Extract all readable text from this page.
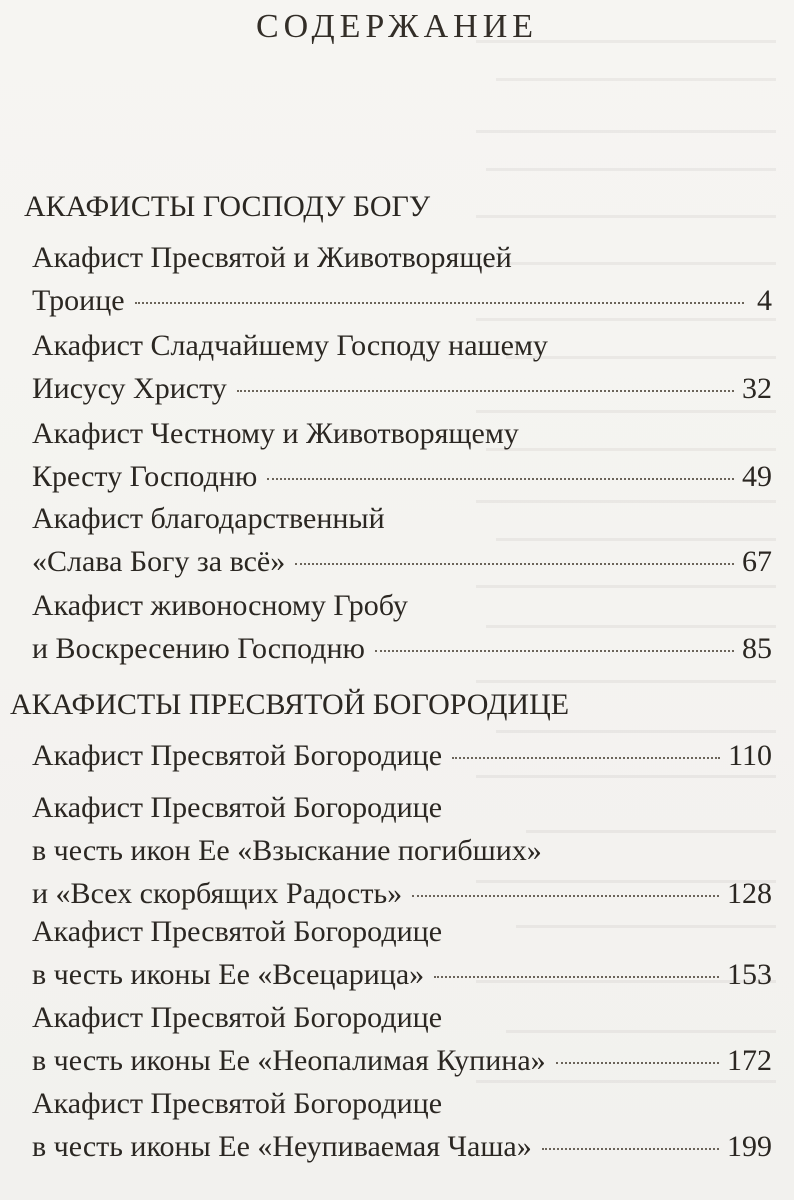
СОДЕРЖАНИЕ
АКАФИСТЫ ГОСПОДУ БОГУ
Акафист Пресвятой и Животворящей
Троице	4
Акафист Сладчайшему Господу нашему
Иисусу Христу	32
Акафист Честному и Животворящему
Кресту Господню	49
Акафист благодарственный
«Слава Богу за всё»	67
Акафист живоносному Гробу
и Воскресению Господню	85
АКАФИСТЫ ПРЕСВЯТОЙ БОГОРОДИЦЕ
Акафист Пресвятой Богородице	110
Акафист Пресвятой Богородице
в честь икон Ее «Взыскание погибших»
и «Всех скорбящих Радость»	128
Акафист Пресвятой Богородице
в честь иконы Ее «Всецарица»	153
Акафист Пресвятой Богородице
в честь иконы Ее «Неопалимая Купина»	172
Акафист Пресвятой Богородице
в честь иконы Ее «Неупиваемая Чаша»	199
